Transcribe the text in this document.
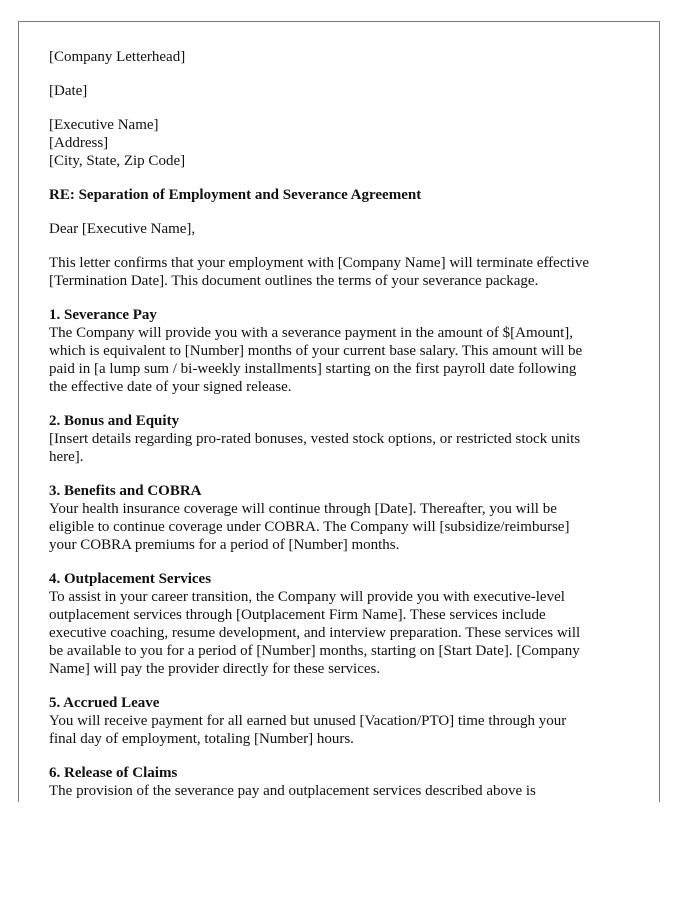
[Company Letterhead]
[Date]
[Executive Name]
[Address]
[City, State, Zip Code]
RE: Separation of Employment and Severance Agreement
Dear [Executive Name],
This letter confirms that your employment with [Company Name] will terminate effective
[Termination Date]. This document outlines the terms of your severance package.
1. Severance Pay
The Company will provide you with a severance payment in the amount of $[Amount],
which is equivalent to [Number] months of your current base salary. This amount will be
paid in [a lump sum / bi-weekly installments] starting on the first payroll date following
the effective date of your signed release.
2. Bonus and Equity
[Insert details regarding pro-rated bonuses, vested stock options, or restricted stock units
here].
3. Benefits and COBRA
Your health insurance coverage will continue through [Date]. Thereafter, you will be
eligible to continue coverage under COBRA. The Company will [subsidize/reimburse]
your COBRA premiums for a period of [Number] months.
4. Outplacement Services
To assist in your career transition, the Company will provide you with executive-level
outplacement services through [Outplacement Firm Name]. These services include
executive coaching, resume development, and interview preparation. These services will
be available to you for a period of [Number] months, starting on [Start Date]. [Company
Name] will pay the provider directly for these services.
5. Accrued Leave
You will receive payment for all earned but unused [Vacation/PTO] time through your
final day of employment, totaling [Number] hours.
6. Release of Claims
The provision of the severance pay and outplacement services described above is
